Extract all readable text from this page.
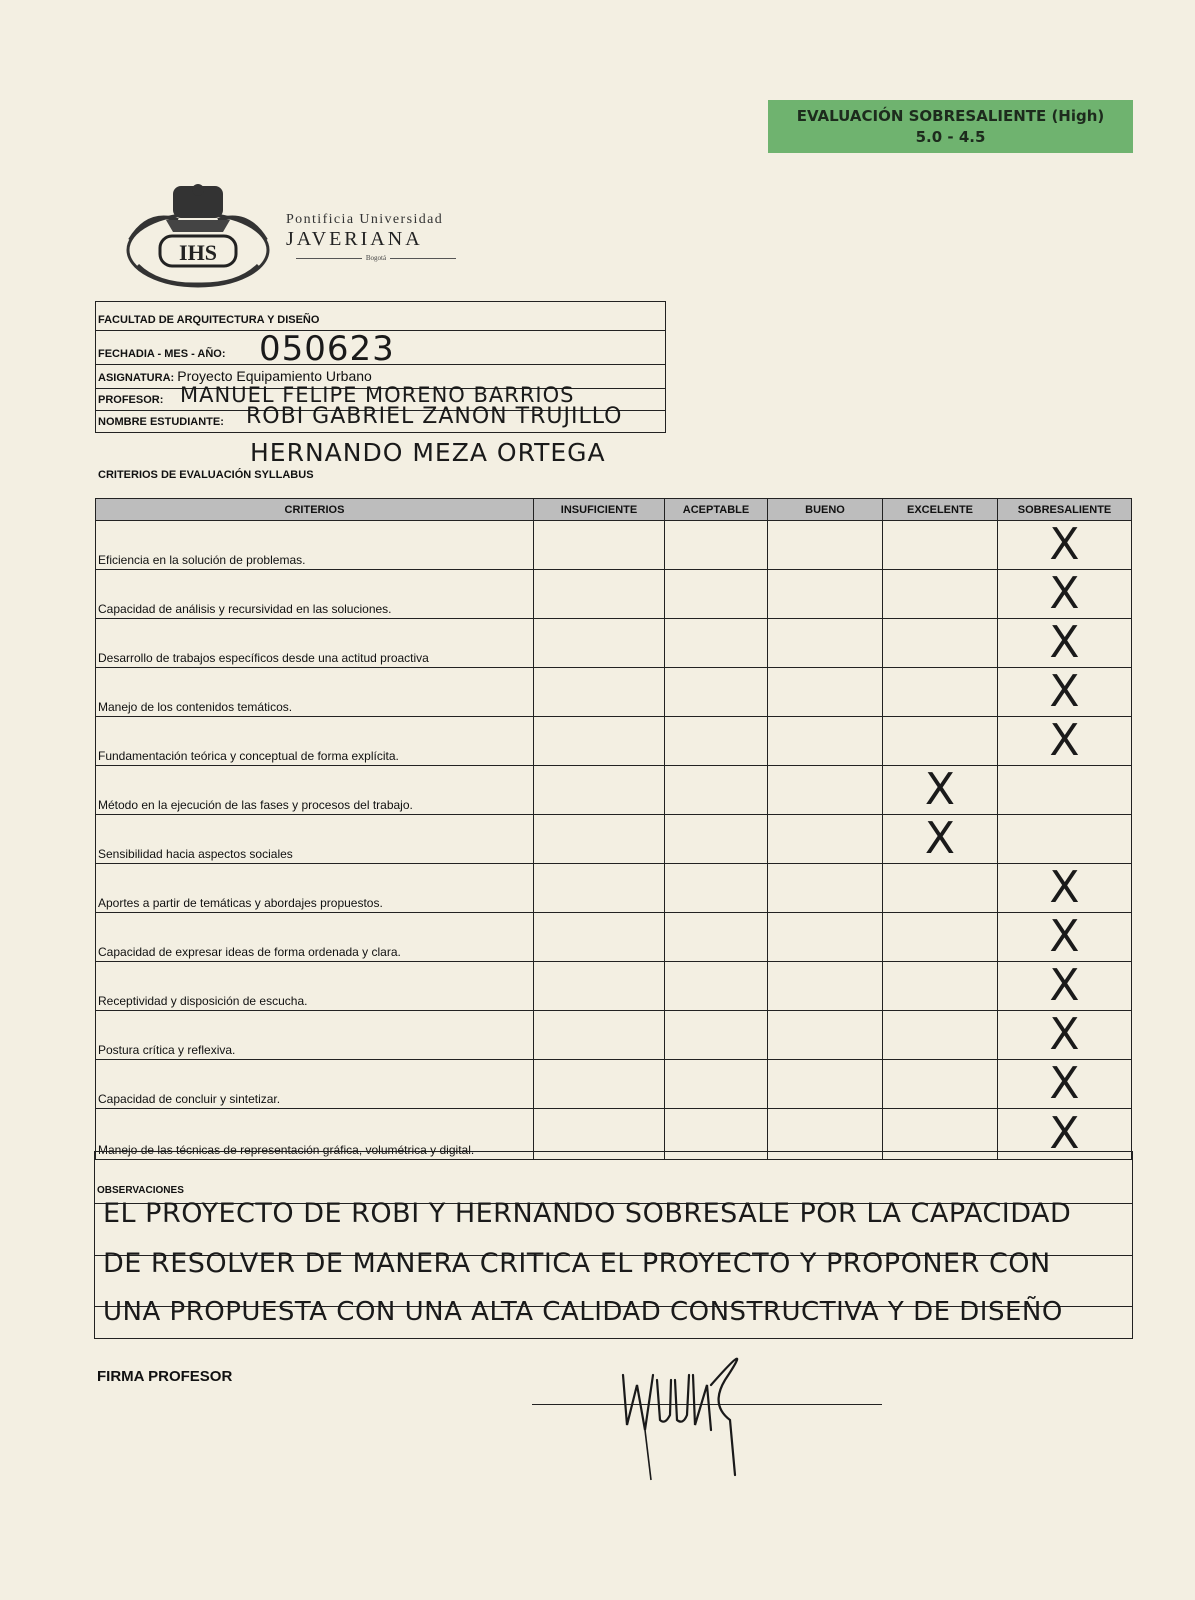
EVALUACIÓN SOBRESALIENTE (High)
5.0 - 4.5
IHS
Pontificia Universidad
JAVERIANA
Bogotá
FACULTAD DE ARQUITECTURA Y DISEÑO
FECHADIA - MES - AÑO: 050623
ASIGNATURA: Proyecto Equipamiento Urbano
PROFESOR: MANUEL FELIPE MORENO BARRIOS
NOMBRE ESTUDIANTE: ROBI GABRIEL ZANON TRUJILLO
HERNANDO MEZA ORTEGA
CRITERIOS DE EVALUACIÓN SYLLABUS
CRITERIOS	INSUFICIENTE	ACEPTABLE	BUENO	EXCELENTE	SOBRESALIENTE
Eficiencia en la solución de problemas.					X

Capacidad de análisis y recursividad en las soluciones.					X

Desarrollo de trabajos específicos desde una actitud proactiva					X

Manejo de los contenidos temáticos.					X

Fundamentación teórica y conceptual de forma explícita.					X

Método en la ejecución de las fases y procesos del trabajo.				X	

Sensibilidad hacia aspectos sociales				X	

Aportes a partir de temáticas y abordajes propuestos.					X

Capacidad de expresar ideas de forma ordenada y clara.					X

Receptividad y disposición de escucha.					X

Postura crítica y reflexiva.					X

Capacidad de concluir y sintetizar.					X

Manejo de las técnicas de representación gráfica, volumétrica y digital.					X
OBSERVACIONES
EL PROYECTO DE ROBI Y HERNANDO SOBRESALE POR LA CAPACIDAD
DE RESOLVER DE MANERA CRITICA EL PROYECTO Y PROPONER CON
UNA PROPUESTA CON UNA ALTA CALIDAD CONSTRUCTIVA Y DE DISEÑO
FIRMA PROFESOR
